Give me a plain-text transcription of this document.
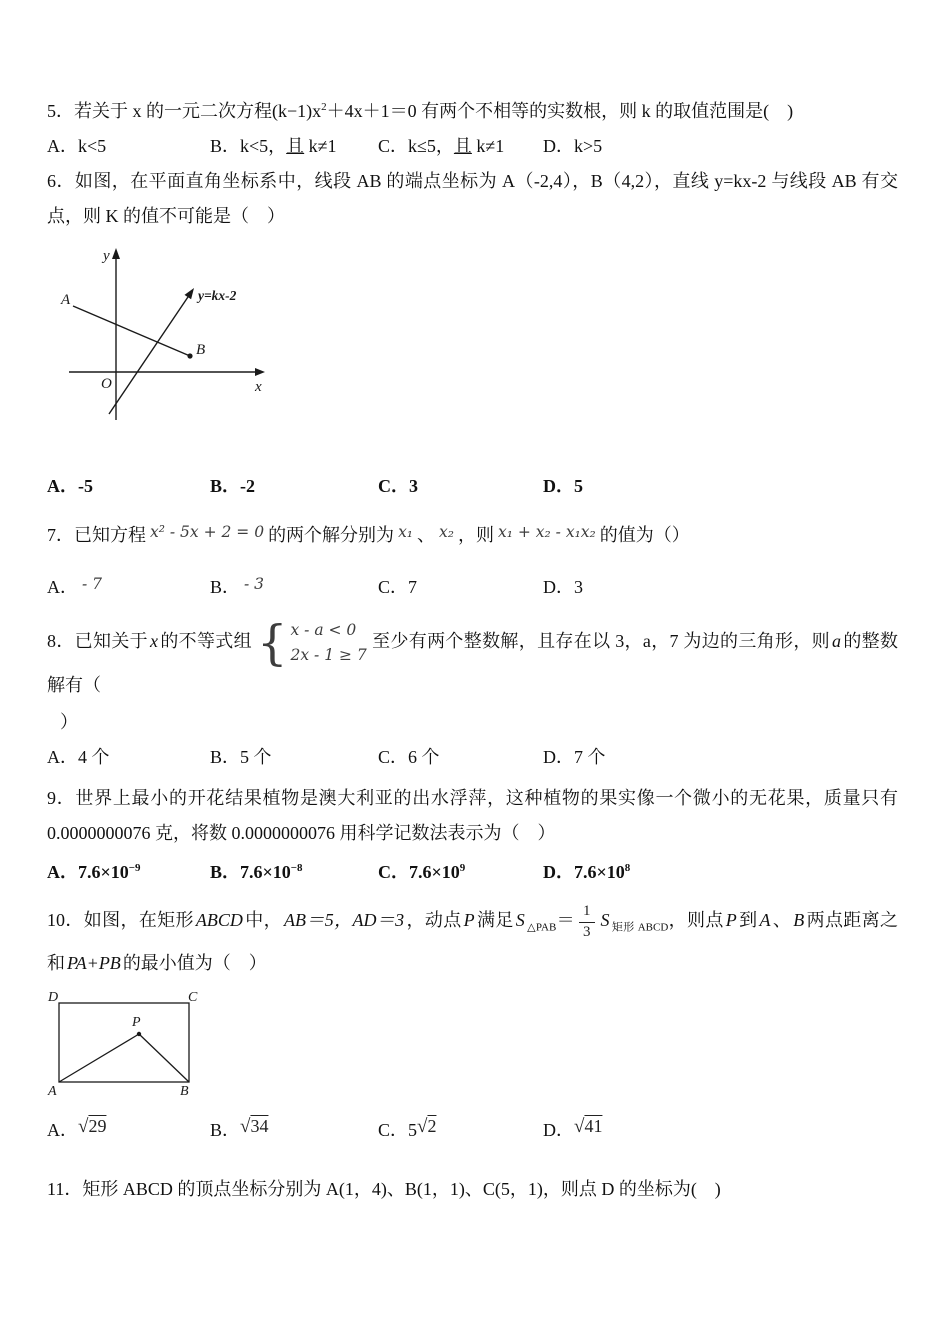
5．若关于 x 的一元二次方程$(k-1)x^2+4x+1=0$ 有两个不相等的实数根，则 k 的取值范围是(　)

A．k<5	B．k<5，且 k≠1	C．k≤5，且 k≠1	D．k>5

6．如图，在平面直角坐标系中，线段 AB 的端点坐标为 A（-2,4），B（4,2），直线 y=kx-2 与线段 AB 有交点，则 K 的值不可能是（　）

y
x
O
A
B
y=kx-2
A．-5	B．-2	C．3	D．5

7．已知方程 x² - 5x + 2 = 0 的两个解分别为 x₁ 、 x₂ ，则 x₁ + x₂ - x₁x₂ 的值为（）

A． - 7	B． - 3	C．7	D．3

8．已知关于 x 的不等式组 { x - a < 0
2x - 1 ≥ 7
至少有两个整数解，且存在以 3，a，7 为边的三角形，则 a 的整数解有（

）

A．4 个	B．5 个	C．6 个	D．7 个

9．世界上最小的开花结果植物是澳大利亚的出水浮萍，这种植物的果实像一个微小的无花果，质量只有 0.0000000076 克，将数 0.0000000076 用科学记数法表示为（　）

A．$7.6\times 10^{-9}$	B．$7.6\times 10^{-8}$	C．$7.6\times 10^9$	D．$7.6\times 10^8$

10．如图，在矩形 ABCD 中， AB＝5，AD＝3 ，动点 P 满足 S $_{\triangle PAB}= \frac{1}{3}$ S $_{矩形 ABCD}$，则点 P 到 A 、 B 两点距离之和 PA+PB 的最小值为（　）

D	C
A	B
P
A．√29	B．√34	C．5√2	D．√41

11．矩形 ABCD 的顶点坐标分别为 A(1，4)、B(1，1)、C(5，1)，则点 D 的坐标为(　)
